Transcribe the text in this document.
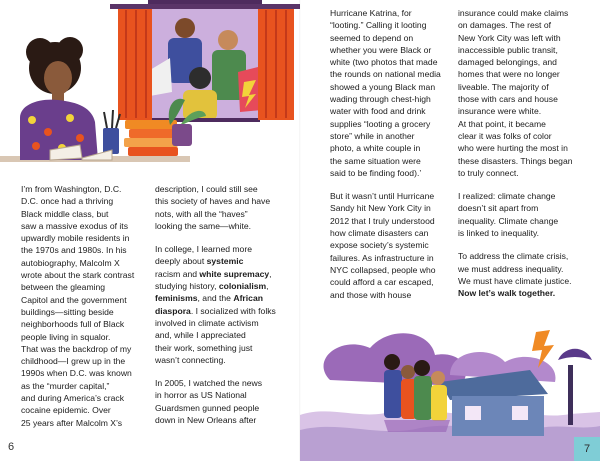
I’m from Washington, D.C.
D.C. once had a thriving
Black middle class, but
saw a massive exodus of its
upwardly mobile residents in
the 1970s and 1980s. In his
autobiography, Malcolm X
wrote about the stark contrast
between the gleaming
Capitol and the government
buildings—sitting beside
neighborhoods full of Black
people living in squalor.
That was the backdrop of my
childhood—I grew up in the
1990s when D.C. was known
as the “murder capital,”
and during America’s crack
cocaine epidemic. Over
25 years after Malcolm X’s

description, I could still see
this society of haves and have
nots, with all the “haves”
looking the same—white.

In college, I learned more
deeply about systemic
racism and white supremacy,
studying history, colonialism,
feminisms, and the African
diaspora. I socialized with folks
involved in climate activism
and, while I appreciated
their work, something just
wasn’t connecting.

In 2005, I watched the news
in horror as US National
Guardsmen gunned people
down in New Orleans after

6

Hurricane Katrina, for
“looting.” Calling it looting
seemed to depend on
whether you were Black or
white (two photos that made
the rounds on national media
showed a young Black man
wading through chest-high
water with food and drink
supplies “looting a grocery
store” while in another
photo, a white couple in
the same situation were
said to be finding food).’

But it wasn’t until Hurricane
Sandy hit New York City in
2012 that I truly understood
how climate disasters can
expose society’s systemic
failures. As infrastructure in
NYC collapsed, people who
could afford a car escaped,
and those with house

insurance could make claims
on damages. The rest of
New York City was left with
inaccessible public transit,
damaged belongings, and
homes that were no longer
liveable. The majority of
those with cars and house
insurance were white.
At that point, it became
clear it was folks of color
who were hurting the most in
these disasters. Things began
to truly connect.

I realized: climate change
doesn’t sit apart from
inequality. Climate change
is linked to inequality.

To address the climate crisis,
we must address inequality.
We must have climate justice.
Now let’s walk together.

7
